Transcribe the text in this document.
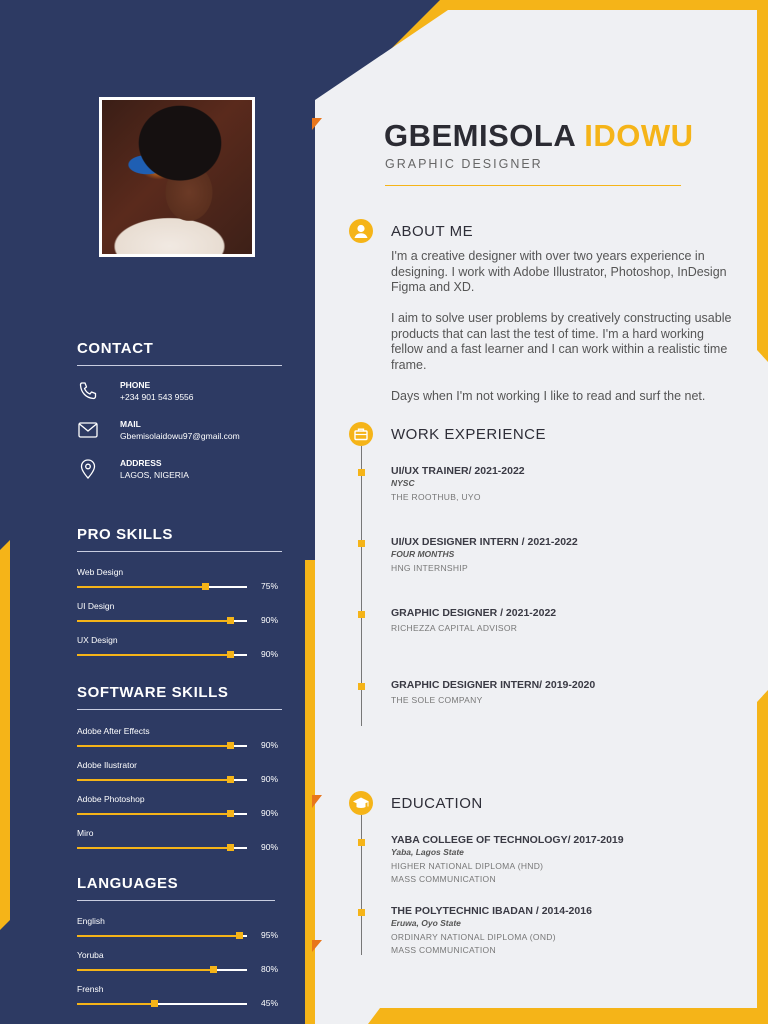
CONTACT
PHONE
+234 901 543 9556
MAIL
Gbemisolaidowu97@gmail.com
ADDRESS
LAGOS, NIGERIA
PRO SKILLS
Web Design
75%
UI Design
90%
UX Design
90%
SOFTWARE SKILLS
Adobe After Effects
90%
Adobe Ilustrator
90%
Adobe Photoshop
90%
Miro
90%
LANGUAGES
English
95%
Yoruba
80%
Frensh
45%
GBEMISOLA IDOWU
GRAPHIC DESIGNER
ABOUT ME

I'm a creative designer with over two years experience in designing. I work with Adobe Illustrator, Photoshop, InDesign Figma and XD.

I aim to solve user problems by creatively constructing usable products that can last the test of time. I'm a hard working fellow and a fast learner and I can work within a realistic time frame.

Days when I'm not working I like to read and surf the net.

WORK EXPERIENCE
UI/UX TRAINER/ 2021-2022
NYSC
THE ROOTHUB, UYO
UI/UX DESIGNER INTERN / 2021-2022
FOUR MONTHS
HNG INTERNSHIP
GRAPHIC DESIGNER / 2021-2022
RICHEZZA CAPITAL ADVISOR
GRAPHIC DESIGNER INTERN/ 2019-2020
THE SOLE COMPANY
EDUCATION
YABA COLLEGE OF TECHNOLOGY/ 2017-2019
Yaba, Lagos State
HIGHER NATIONAL DIPLOMA (HND)
MASS COMMUNICATION
THE POLYTECHNIC IBADAN / 2014-2016
Eruwa, Oyo State
ORDINARY NATIONAL DIPLOMA (OND)
MASS COMMUNICATION
